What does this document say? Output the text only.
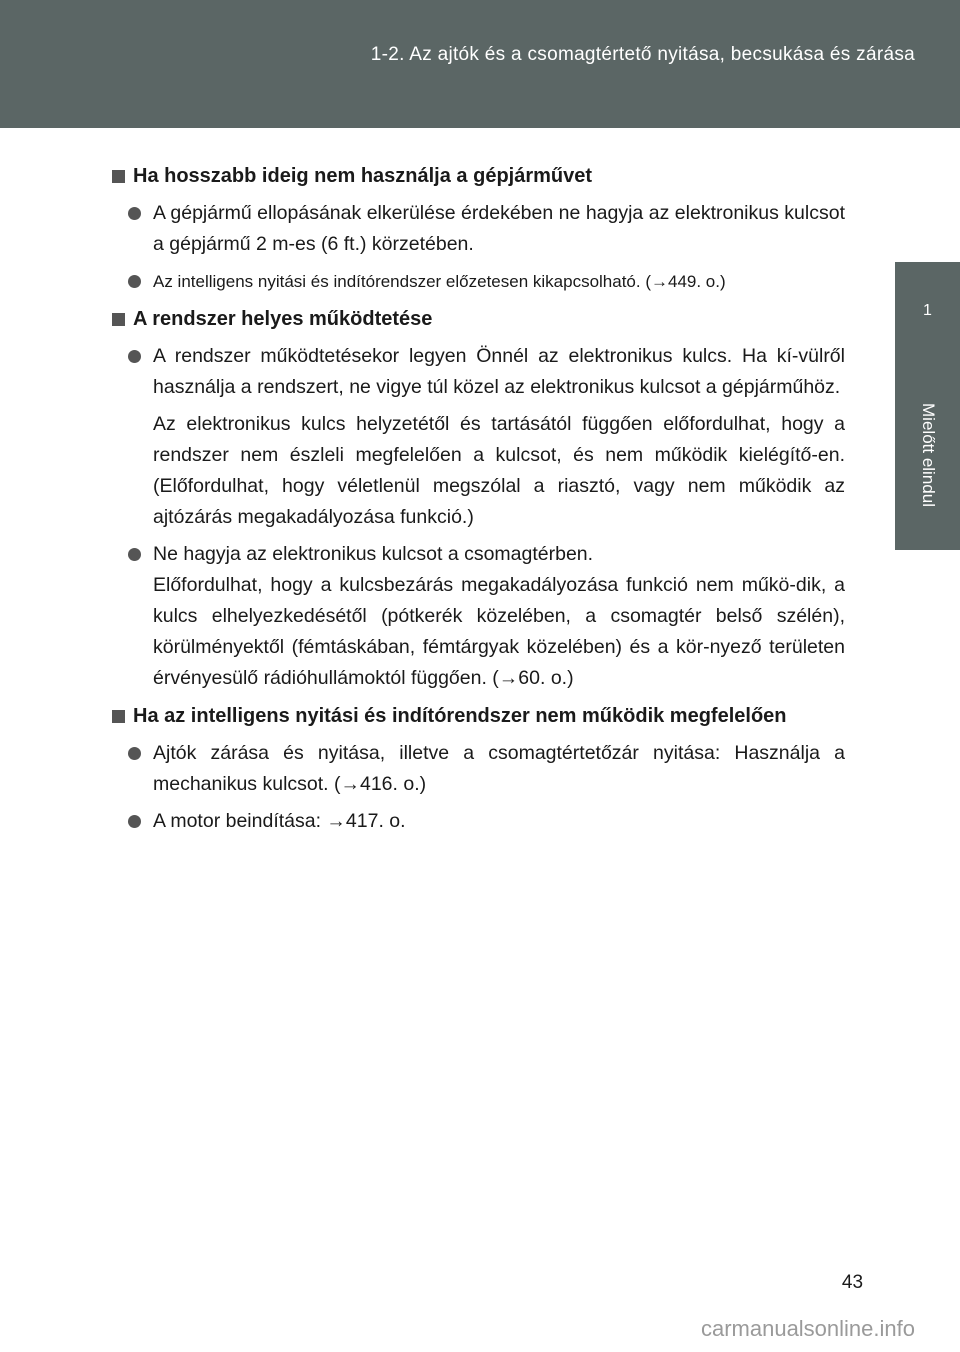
1-2. Az ajtók és a csomagtértető nyitása, becsukása és zárása
1
Mielőtt elindul
Ha hosszabb ideig nem használja a gépjárművet
A gépjármű ellopásának elkerülése érdekében ne hagyja az elektronikus kulcsot a gépjármű 2 m-es (6 ft.) körzetében.
Az intelligens nyitási és indítórendszer előzetesen kikapcsolható. (→449. o.)
A rendszer helyes működtetése
A rendszer működtetésekor legyen Önnél az elektronikus kulcs. Ha kí-vülről használja a rendszert, ne vigye túl közel az elektronikus kulcsot a gépjárműhöz.
Az elektronikus kulcs helyzetétől és tartásától függően előfordulhat, hogy a rendszer nem észleli megfelelően a kulcsot, és nem működik kielégítő-en. (Előfordulhat, hogy véletlenül megszólal a riasztó, vagy nem működik az ajtózárás megakadályozása funkció.)
Ne hagyja az elektronikus kulcsot a csomagtérben.
Előfordulhat, hogy a kulcsbezárás megakadályozása funkció nem műkö-dik, a kulcs elhelyezkedésétől (pótkerék közelében, a csomagtér belső szélén), körülményektől (fémtáskában, fémtárgyak közelében) és a kör-nyező területen érvényesülő rádióhullámoktól függően. (→60. o.)
Ha az intelligens nyitási és indítórendszer nem működik megfelelően
Ajtók zárása és nyitása, illetve a csomagtértetőzár nyitása: Használja a mechanikus kulcsot. (→416. o.)
A motor beindítása: →417. o.
43
carmanualsonline.info
